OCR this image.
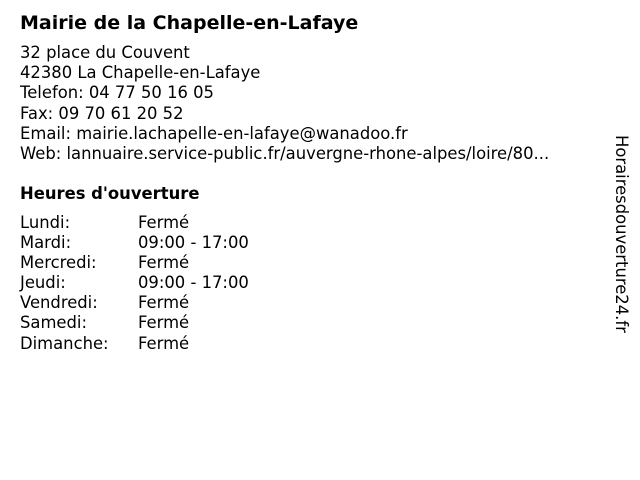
Mairie de la Chapelle-en-Lafaye
32 place du Couvent
42380 La Chapelle-en-Lafaye
Telefon: 04 77 50 16 05
Fax: 09 70 61 20 52
Email: mairie.lachapelle-en-lafaye@wanadoo.fr
Web: lannuaire.service-public.fr/auvergne-rhone-alpes/loire/80...
Heures d'ouverture
Lundi:	Fermé
Mardi:	09:00 - 17:00
Mercredi:	Fermé
Jeudi:	09:00 - 17:00
Vendredi:	Fermé
Samedi:	Fermé
Dimanche:	Fermé
Horairesdouverture24.fr
